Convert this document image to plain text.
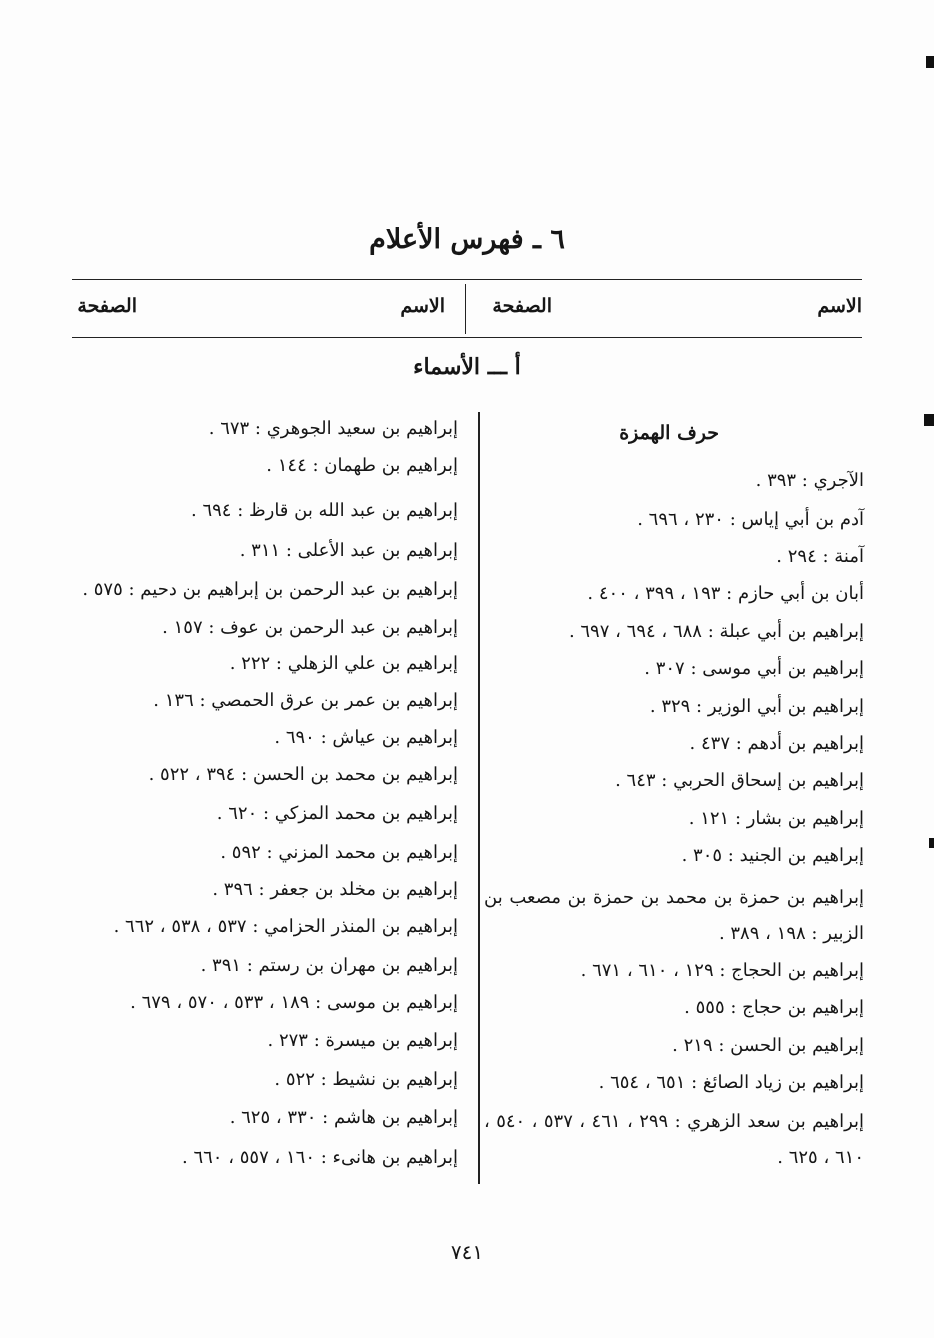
٦ ـ فهرس الأعلام
الاسم
الصفحة
الاسم
الصفحة
أ ـــ الأسماء
حرف الهمزة
الآجري : ٣٩٣ .
آدم بن أبي إياس : ٢٣٠ ، ٦٩٦ .
آمنة : ٢٩٤ .
أبان بن أبي حازم : ١٩٣ ، ٣٩٩ ، ٤٠٠ .
إبراهيم بن أبي عبلة : ٦٨٨ ، ٦٩٤ ، ٦٩٧ .
إبراهيم بن أبي موسى : ٣٠٧ .
إبراهيم بن أبي الوزير : ٣٢٩ .
إبراهيم بن أدهم : ٤٣٧ .
إبراهيم بن إسحاق الحربي : ٦٤٣ .
إبراهيم بن بشار : ١٢١ .
إبراهيم بن الجنيد : ٣٠٥ .
إبراهيم بن حمزة بن محمد بن حمزة بن مصعب بن الزبير : ١٩٨ ، ٣٨٩ .
إبراهيم بن الحجاج : ١٢٩ ، ٦١٠ ، ٦٧١ .
إبراهيم بن حجاج : ٥٥٥ .
إبراهيم بن الحسن : ٢١٩ .
إبراهيم بن زياد الصائغ : ٦٥١ ، ٦٥٤ .
إبراهيم بن سعد الزهري : ٢٩٩ ، ٤٦١ ، ٥٣٧ ، ٥٤٠ ، ٦١٠ ، ٦٢٥ .
إبراهيم بن سعيد الجوهري : ٦٧٣ .
إبراهيم بن طهمان : ١٤٤ .
إبراهيم بن عبد الله بن قارظ : ٦٩٤ .
إبراهيم بن عبد الأعلى : ٣١١ .
إبراهيم بن عبد الرحمن بن إبراهيم بن دحيم : ٥٧٥ .
إبراهيم بن عبد الرحمن بن عوف : ١٥٧ .
إبراهيم بن علي الزهلي : ٢٢٢ .
إبراهيم بن عمر بن عرق الحمصي : ١٣٦ .
إبراهيم بن عياش : ٦٩٠ .
إبراهيم بن محمد بن الحسن : ٣٩٤ ، ٥٢٢ .
إبراهيم بن محمد المزكي : ٦٢٠ .
إبراهيم بن محمد المزني : ٥٩٢ .
إبراهيم بن مخلد بن جعفر : ٣٩٦ .
إبراهيم بن المنذر الحزامي : ٥٣٧ ، ٥٣٨ ، ٦٦٢ .
إبراهيم بن مهران بن رستم : ٣٩١ .
إبراهيم بن موسى : ١٨٩ ، ٥٣٣ ، ٥٧٠ ، ٦٧٩ .
إبراهيم بن ميسرة : ٢٧٣ .
إبراهيم بن نشيط : ٥٢٢ .
إبراهيم بن هاشم : ٣٣٠ ، ٦٢٥ .
إبراهيم بن هانىء : ١٦٠ ، ٥٥٧ ، ٦٦٠ .
٧٤١
